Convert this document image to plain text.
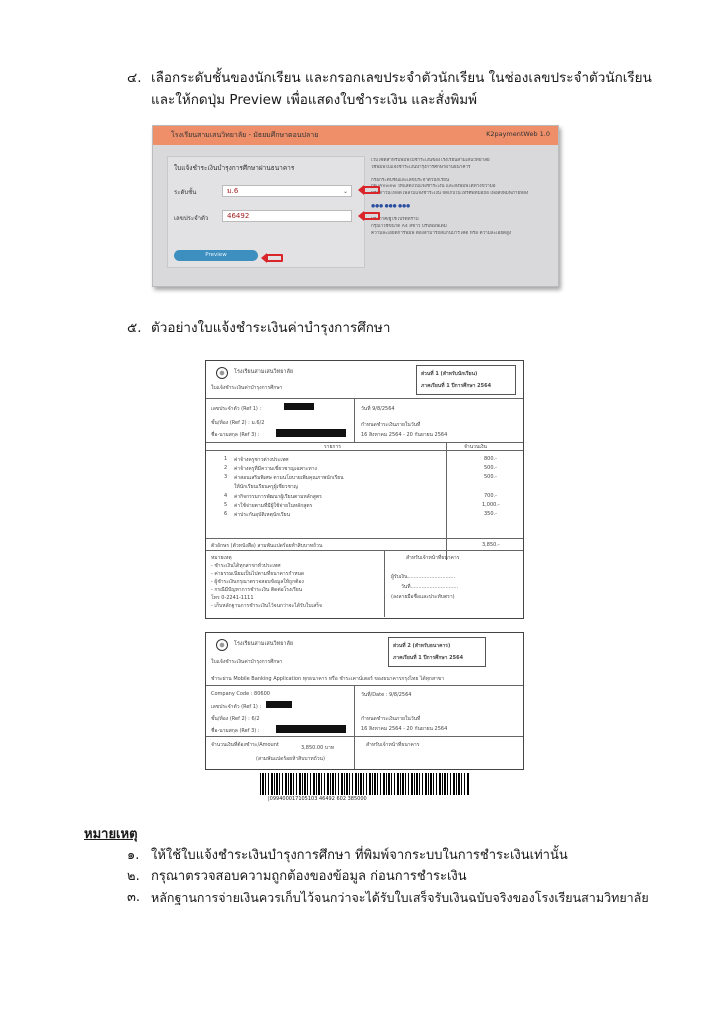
๔. เลือกระดับชั้นของนักเรียน และกรอกเลขประจำตัวนักเรียน ในช่องเลขประจำตัวนักเรียน
และให้กดปุ่ม Preview เพื่อแสดงใบชำระเงิน และสั่งพิมพ์
โรงเรียนสามเสนวิทยาลัย - มัธยมศึกษาตอนปลาย	K2paymentWeb 1.0
ใบแจ้งชำระเงินบำรุงการศึกษาผ่านธนาคาร
ระดับชั้น	ม.6	⌄
เลขประจำตัว	46492
Preview
เว็บไซต์สำหรับพิมพ์ใบชำระเงินของโรงเรียนสามเสนวิทยาลัย
ใช้พิมพ์ใบแจ้งชำระเงินบำรุงการศึกษาผ่านธนาคาร

กรอกระดับชั้นและเลขประจำตัวนักเรียน
กด Preview ให้แสดงใบแจ้งชำระเงิน และสั่งพิมพ์ได้ทางขวามือ
หรือดาวน์โหลดไฟล์ใบแจ้งชำระเงิน จัดเก็บในโทรศัพท์มือถือ เพื่อสั่งพิมพ์ภายหลัง

●●● ●●● ●●●

ประกาศ/ผู้ใช้โปรดทราบ
กรุณาใช้ขนาด A4 สีขาว ปรับพิมพ์เต็ม
ความละเอียดการพิมพ์ ต้องสามารถสแกนบาร์โค้ด หรือ ความละเอียดสูง
๕. ตัวอย่างใบแจ้งชำระเงินค่าบำรุงการศึกษา
โรงเรียนสามเสนวิทยาลัย
ใบแจ้งชำระเงินค่าบำรุงการศึกษา
ส่วนที่ 1 (สำหรับนักเรียน)
ภาคเรียนที่ 1 ปีการศึกษา 2564
เลขประจำตัว (Ref 1) :
ชั้น/ห้อง (Ref 2) : ม.6/2
ชื่อ-นามสกุล (Ref 3) :
วันที่ 9/8/2564
กำหนดชำระเงินภายในวันที่
16 สิงหาคม 2564 - 20 กันยายน 2564
รายการ	จำนวนเงิน
1 ค่าจ้างครูชาวต่างประเทศ	800.-
2 ค่าจ้างครูที่มีความเชี่ยวชาญเฉพาะทาง	500.-
3 ค่าสอนเสริมพิเศษ ตามนโยบายเพิ่มคุณภาพนักเรียน	500.-
ให้นักเรียนเรียนครูผู้เชี่ยวชาญ
4 ค่ากิจกรรมการพัฒนาผู้เรียนตามหลักสูตร	700.-
5 ค่าใช้จ่ายตามที่มีผู้ใช้จ่ายในหลักสูตร	1,000.-
6 ค่าประกันอุบัติเหตุนักเรียน	350.-
ตัวอักษร (ตัวหนังสือ) สามพันแปดร้อยห้าสิบบาทถ้วน	3,850.-
หมายเหตุ
- ชำระเงินได้ทุกสาขาทั่วประเทศ
- ค่าธรรมเนียมเป็นไปตามที่ธนาคารกำหนด
- ผู้ชำระเงินกรุณาตรวจสอบข้อมูลให้ถูกต้อง
- กรณีมีปัญหาการชำระเงิน ติดต่อโรงเรียน
โทร 0-2241-1111
- เก็บหลักฐานการชำระเงินไว้จนกว่าจะได้รับใบเสร็จ
สำหรับเจ้าหน้าที่ธนาคาร
ผู้รับเงิน..............................
วันที่..............................
(ลงลายมือชื่อและประทับตรา)
โรงเรียนสามเสนวิทยาลัย
ใบแจ้งชำระเงินค่าบำรุงการศึกษา
ส่วนที่ 2 (สำหรับธนาคาร)
ภาคเรียนที่ 1 ปีการศึกษา 2564
ชำระผ่าน Mobile Banking Application ทุกธนาคาร หรือ ชำระเคาน์เตอร์ ของธนาคารกรุงไทย ได้ทุกสาขา
Company Code : 80600
เลขประจำตัว (Ref 1) :
ชั้น/ห้อง (Ref 2) : 6/2
ชื่อ-นามสกุล (Ref 3) :
วันที่/Date : 9/8/2564
กำหนดชำระเงินภายในวันที่
16 สิงหาคม 2564 - 20 กันยายน 2564
จำนวนเงินที่ต้องชำระ/Amount	3,850.00 บาท
(สามพันแปดร้อยห้าสิบบาทถ้วน)
สำหรับเจ้าหน้าที่ธนาคาร
|099400017105103 46492 602 385000
หมายเหตุ
๑. ให้ใช้ใบแจ้งชำระเงินบำรุงการศึกษา ที่พิมพ์จากระบบในการชำระเงินเท่านั้น
๒. กรุณาตรวจสอบความถูกต้องของข้อมูล ก่อนการชำระเงิน
๓. หลักฐานการจ่ายเงินควรเก็บไว้จนกว่าจะได้รับใบเสร็จรับเงินฉบับจริงของโรงเรียนสามวิทยาลัย
